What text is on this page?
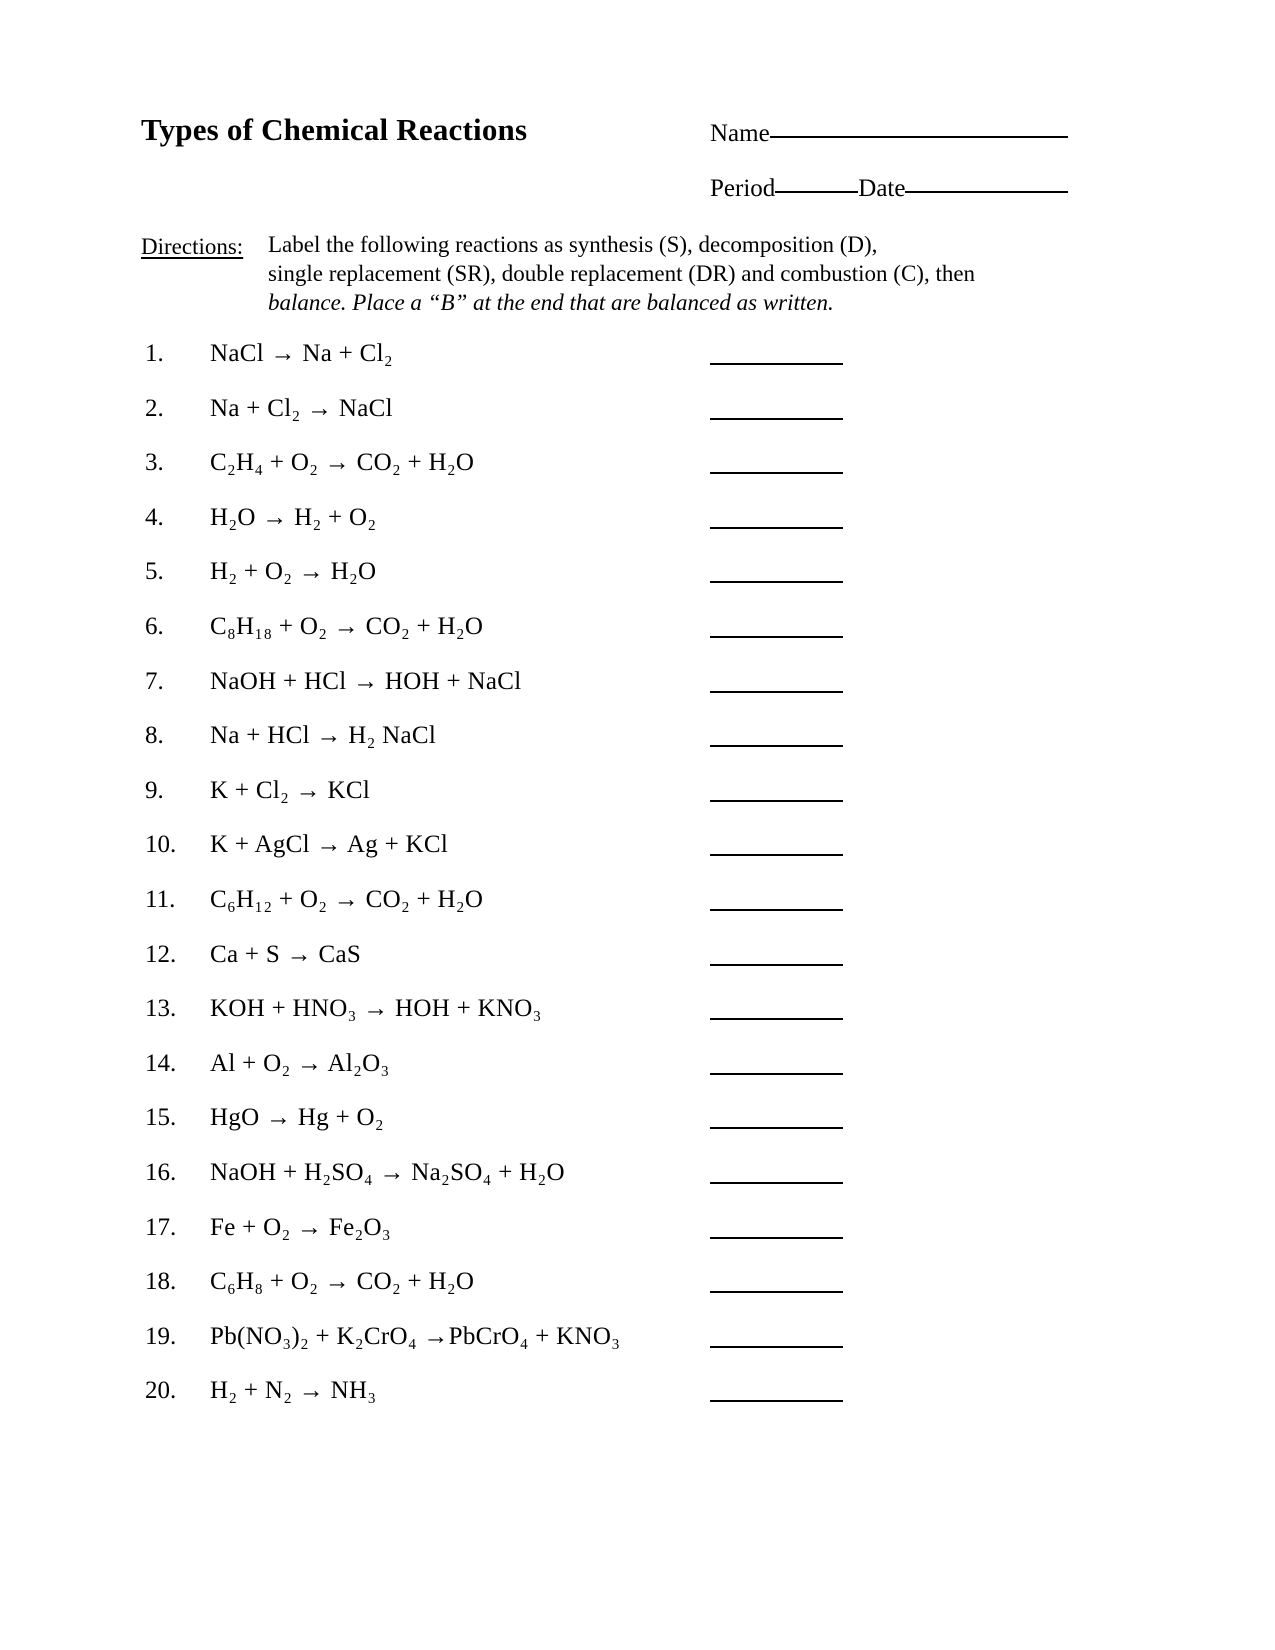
Types of Chemical Reactions	Name
Period	Date
Directions: Label the following reactions as synthesis (S), decomposition (D),
single replacement (SR), double replacement (DR) and combustion (C), then
balance. Place a “B” at the end that are balanced as written.
1.	NaCl → Na + Cl₂
2.	Na + Cl₂ → NaCl
3.	C₂H₄ + O₂ → CO₂ + H₂O
4.	H₂O → H₂ + O₂
5.	H₂ + O₂ → H₂O
6.	C₈H₁₈ + O₂ → CO₂ + H₂O
7.	NaOH + HCl → HOH + NaCl
8.	Na + HCl → H₂ NaCl
9.	K + Cl₂ → KCl
10.	K + AgCl → Ag + KCl
11.	C₆H₁₂ + O₂ → CO₂ + H₂O
12.	Ca + S → CaS
13.	KOH + HNO₃ → HOH + KNO₃
14.	Al + O₂ → Al₂O₃
15.	HgO → Hg + O₂
16.	NaOH + H₂SO₄ → Na₂SO₄ + H₂O
17.	Fe + O₂ → Fe₂O₃
18.	C₆H₈ + O₂ → CO₂ + H₂O
19.	Pb(NO₃)₂ + K₂CrO₄ →PbCrO₄ + KNO₃
20.	H₂ + N₂ → NH₃
